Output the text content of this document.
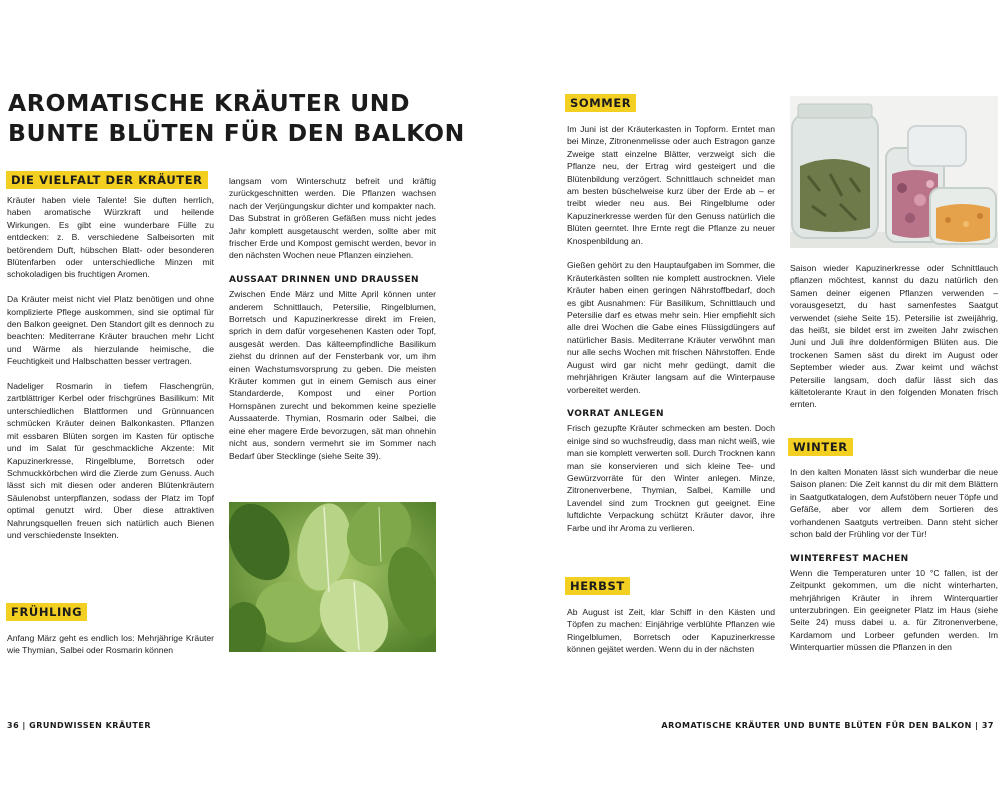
AROMATISCHE KRÄUTER UND
BUNTE BLÜTEN FÜR DEN BALKON
DIE VIELFALT DER KRÄUTER

Kräuter haben viele Talente! Sie duften herrlich, haben aromatische Würzkraft und heilende Wirkungen. Es gibt eine wunderbare Fülle zu entdecken: z. B. verschiedene Salbeisorten mit betörendem Duft, hübschen Blatt- oder besonderen Blütenfarben oder unterschiedliche Minzen mit schokoladigen bis fruchtigen Aromen.

Da Kräuter meist nicht viel Platz benötigen und ohne komplizierte Pflege auskommen, sind sie optimal für den Balkon geeignet. Den Standort gilt es dennoch zu beachten: Mediterrane Kräuter brauchen mehr Licht und Wärme als hierzulande heimische, die Feuchtigkeit und Halbschatten besser vertragen.

Nadeliger Rosmarin in tiefem Flaschengrün, zartblättriger Kerbel oder frischgrünes Basilikum: Mit unterschiedlichen Blattformen und Grünnuancen schmücken Kräuter deinen Balkonkasten. Pflanzen mit essbaren Blüten sorgen im Kasten für optische und im Salat für geschmackliche Akzente: Mit Kapuzinerkresse, Ringelblume, Borretsch oder Schmuckkörbchen wird die Zierde zum Genuss. Auch lässt sich mit diesen oder anderen Blütenkräutern Säulenobst unterpflanzen, sodass der Platz im Topf optimal genutzt wird. Über diese attraktiven Nahrungsquellen freuen sich natürlich auch Bienen und verschiedenste Insekten.

FRÜHLING

Anfang März geht es endlich los: Mehrjährige Kräuter wie Thymian, Salbei oder Rosmarin können

langsam vom Winterschutz befreit und kräftig zurückgeschnitten werden. Die Pflanzen wachsen nach der Verjüngungskur dichter und kompakter nach. Das Substrat in größeren Gefäßen muss nicht jedes Jahr komplett ausgetauscht werden, sollte aber mit frischer Erde und Kompost gemischt werden, bevor in den nächsten Wochen neue Pflanzen einziehen.

AUSSAAT DRINNEN UND DRAUSSEN

Zwischen Ende März und Mitte April können unter anderem Schnittlauch, Petersilie, Ringelblumen, Borretsch und Kapuzinerkresse direkt im Freien, sprich in dem dafür vorgesehenen Kasten oder Topf, ausgesät werden. Das kälteempfindliche Basilikum ziehst du drinnen auf der Fensterbank vor, um ihm einen Wachstumsvorsprung zu geben. Die meisten Kräuter kommen gut in einem Gemisch aus einer Standarderde, Kompost und einer Portion Hornspänen zurecht und bekommen keine spezielle Aussaaterde. Thymian, Rosmarin oder Salbei, die eine eher magere Erde bevorzugen, sät man ohnehin nicht aus, sondern vermehrt sie im Sommer nach Bedarf über Stecklinge (siehe Seite 39).

36 | GRUNDWISSEN KRÄUTER
SOMMER

Im Juni ist der Kräuterkasten in Topform. Erntet man bei Minze, Zitronenmelisse oder auch Estragon ganze Zweige statt einzelne Blätter, verzweigt sich die Pflanze neu, der Ertrag wird gesteigert und die Blütenbildung verzögert. Schnittlauch schneidet man am besten büschelweise kurz über der Erde ab – er treibt wieder neu aus. Bei Ringelblume oder Kapuzinerkresse werden für den Genuss natürlich die Blüten geerntet. Ihre Ernte regt die Pflanze zu neuer Knospenbildung an.

Gießen gehört zu den Hauptaufgaben im Sommer, die Kräuterkästen sollten nie komplett austrocknen. Viele Kräuter haben einen geringen Nährstoffbedarf, doch es gibt Ausnahmen: Für Basilikum, Schnittlauch und Petersilie darf es etwas mehr sein. Hier empfiehlt sich alle drei Wochen die Gabe eines Flüssigdüngers auf natürlicher Basis. Mediterrane Kräuter verwöhnt man nur alle sechs Wochen mit frischen Nährstoffen. Ende August wird gar nicht mehr gedüngt, damit die mehrjährigen Kräuter langsam auf die Winterpause vorbereitet werden.

VORRAT ANLEGEN

Frisch gezupfte Kräuter schmecken am besten. Doch einige sind so wuchsfreudig, dass man nicht weiß, wie man sie komplett verwerten soll. Durch Trocknen kann man sie konservieren und sich kleine Tee- und Gewürzvorräte für den Winter anlegen. Minze, Zitronenverbene, Thymian, Salbei, Kamille und Lavendel sind zum Trocknen gut geeignet. Eine luftdichte Verpackung schützt Kräuter davor, ihre Farbe und ihr Aroma zu verlieren.

HERBST

Ab August ist Zeit, klar Schiff in den Kästen und Töpfen zu machen: Einjährige verblühte Pflanzen wie Ringelblumen, Borretsch oder Kapuzinerkresse können gejätet werden. Wenn du in der nächsten

Saison wieder Kapuzinerkresse oder Schnittlauch pflanzen möchtest, kannst du dazu natürlich den Samen deiner eigenen Pflanzen verwenden – vorausgesetzt, du hast samenfestes Saatgut verwendet (siehe Seite 15). Petersilie ist zweijährig, das heißt, sie bildet erst im zweiten Jahr zwischen Juni und Juli ihre doldenförmigen Blüten aus. Die trockenen Samen säst du direkt im August oder September wieder aus. Zwar keimt und wächst Petersilie langsam, doch dafür lässt sich das kältetolerante Kraut in den folgenden Monaten frisch ernten.

WINTER

In den kalten Monaten lässt sich wunderbar die neue Saison planen: Die Zeit kannst du dir mit dem Blättern in Saatgutkatalogen, dem Aufstöbern neuer Töpfe und Gefäße, aber vor allem dem Sortieren des vorhandenen Saatguts vertreiben. Dann steht sicher schon bald der Frühling vor der Tür!

WINTERFEST MACHEN

Wenn die Temperaturen unter 10 °C fallen, ist der Zeitpunkt gekommen, um die nicht winterharten, mehrjährigen Kräuter in ihrem Winterquartier unterzubringen. Ein geeigneter Platz im Haus (siehe Seite 24) muss dabei u. a. für Zitronenverbene, Kardamom und Lorbeer gefunden werden. Im Winterquartier müssen die Pflanzen in den

AROMATISCHE KRÄUTER UND BUNTE BLÜTEN FÜR DEN BALKON | 37
